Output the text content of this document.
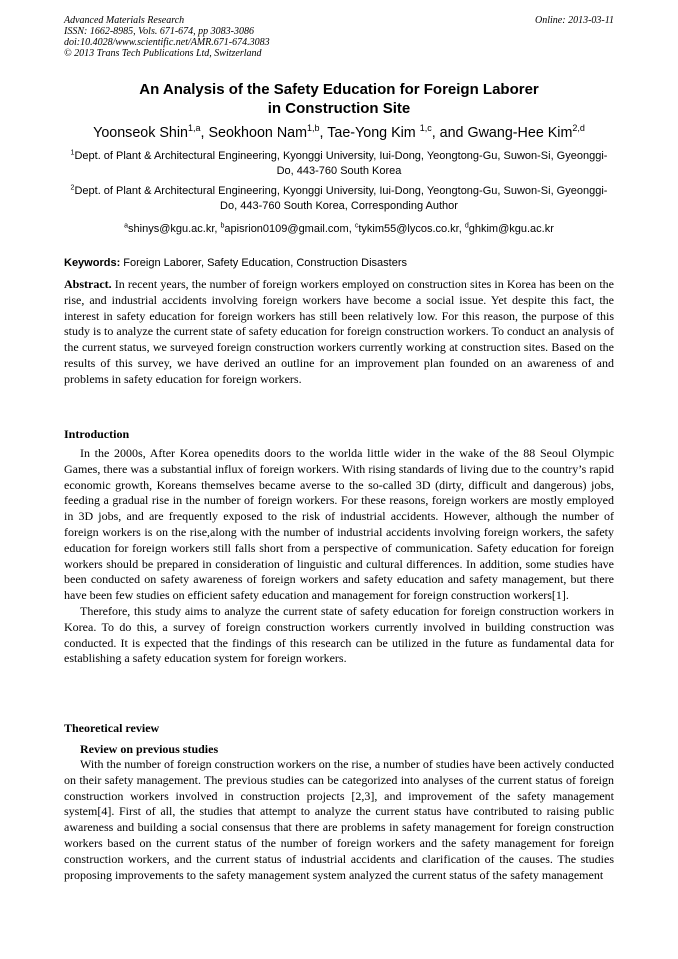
Advanced Materials Research
ISSN: 1662-8985, Vols. 671-674, pp 3083-3086
doi:10.4028/www.scientific.net/AMR.671-674.3083
© 2013 Trans Tech Publications Ltd, Switzerland
Online: 2013-03-11
An Analysis of the Safety Education for Foreign Laborer
in Construction Site
Yoonseok Shin$^{1,a}$, Seokhoon Nam$^{1,b}$, Tae-Yong Kim $^{1,c}$, and Gwang-Hee Kim$^{2,d}$
$^1$Dept. of Plant & Architectural Engineering, Kyonggi University, Iui-Dong, Yeongtong-Gu, Suwon-Si, Gyeonggi-Do, 443-760 South Korea
$^2$Dept. of Plant & Architectural Engineering, Kyonggi University, Iui-Dong, Yeongtong-Gu, Suwon-Si, Gyeonggi-Do, 443-760 South Korea, Corresponding Author
$^a$shinys@kgu.ac.kr, $^b$apisrion0109@gmail.com, $^c$tykim55@lycos.co.kr, $^d$ghkim@kgu.ac.kr
Keywords: Foreign Laborer, Safety Education, Construction Disasters

Abstract. In recent years, the number of foreign workers employed on construction sites in Korea has been on the rise, and industrial accidents involving foreign workers have become a social issue. Yet despite this fact, the interest in safety education for foreign workers has still been relatively low. For this reason, the purpose of this study is to analyze the current state of safety education for foreign construction workers. To conduct an analysis of the current status, we surveyed foreign construction workers currently working at construction sites. Based on the results of this survey, we have derived an outline for an improvement plan founded on an awareness of and problems in safety education for foreign workers.

Introduction

In the 2000s, After Korea openedits doors to the worlda little wider in the wake of the 88 Seoul Olympic Games, there was a substantial influx of foreign workers. With rising standards of living due to the country’s rapid economic growth, Koreans themselves became averse to the so-called 3D (dirty, difficult and dangerous) jobs, feeding a gradual rise in the number of foreign workers. For these reasons, foreign workers are mostly employed in 3D jobs, and are frequently exposed to the risk of industrial accidents. However, although the number of foreign workers is on the rise,along with the number of industrial accidents involving foreign workers, the safety education for foreign workers still falls short from a perspective of communication. Safety education for foreign workers should be prepared in consideration of linguistic and cultural differences. In addition, some studies have been conducted on safety awareness of foreign workers and safety education and safety management, but there have been few studies on efficient safety education and management for foreign construction workers[1].

Therefore, this study aims to analyze the current state of safety education for foreign construction workers in Korea. To do this, a survey of foreign construction workers currently involved in building construction was conducted. It is expected that the findings of this research can be utilized in the future as fundamental data for establishing a safety education system for foreign workers.

Theoretical review
Review on previous studies

With the number of foreign construction workers on the rise, a number of studies have been actively conducted on their safety management. The previous studies can be categorized into analyses of the current status of foreign construction workers involved in construction projects [2,3], and improvement of the safety management system[4]. First of all, the studies that attempt to analyze the current status have contributed to raising public awareness and building a social consensus that there are problems in safety management for foreign construction workers based on the current status of the number of foreign workers and the safety management for foreign construction workers, and the current status of industrial accidents and clarification of the causes. The studies proposing improvements to the safety management system analyzed the current status of the safety management
